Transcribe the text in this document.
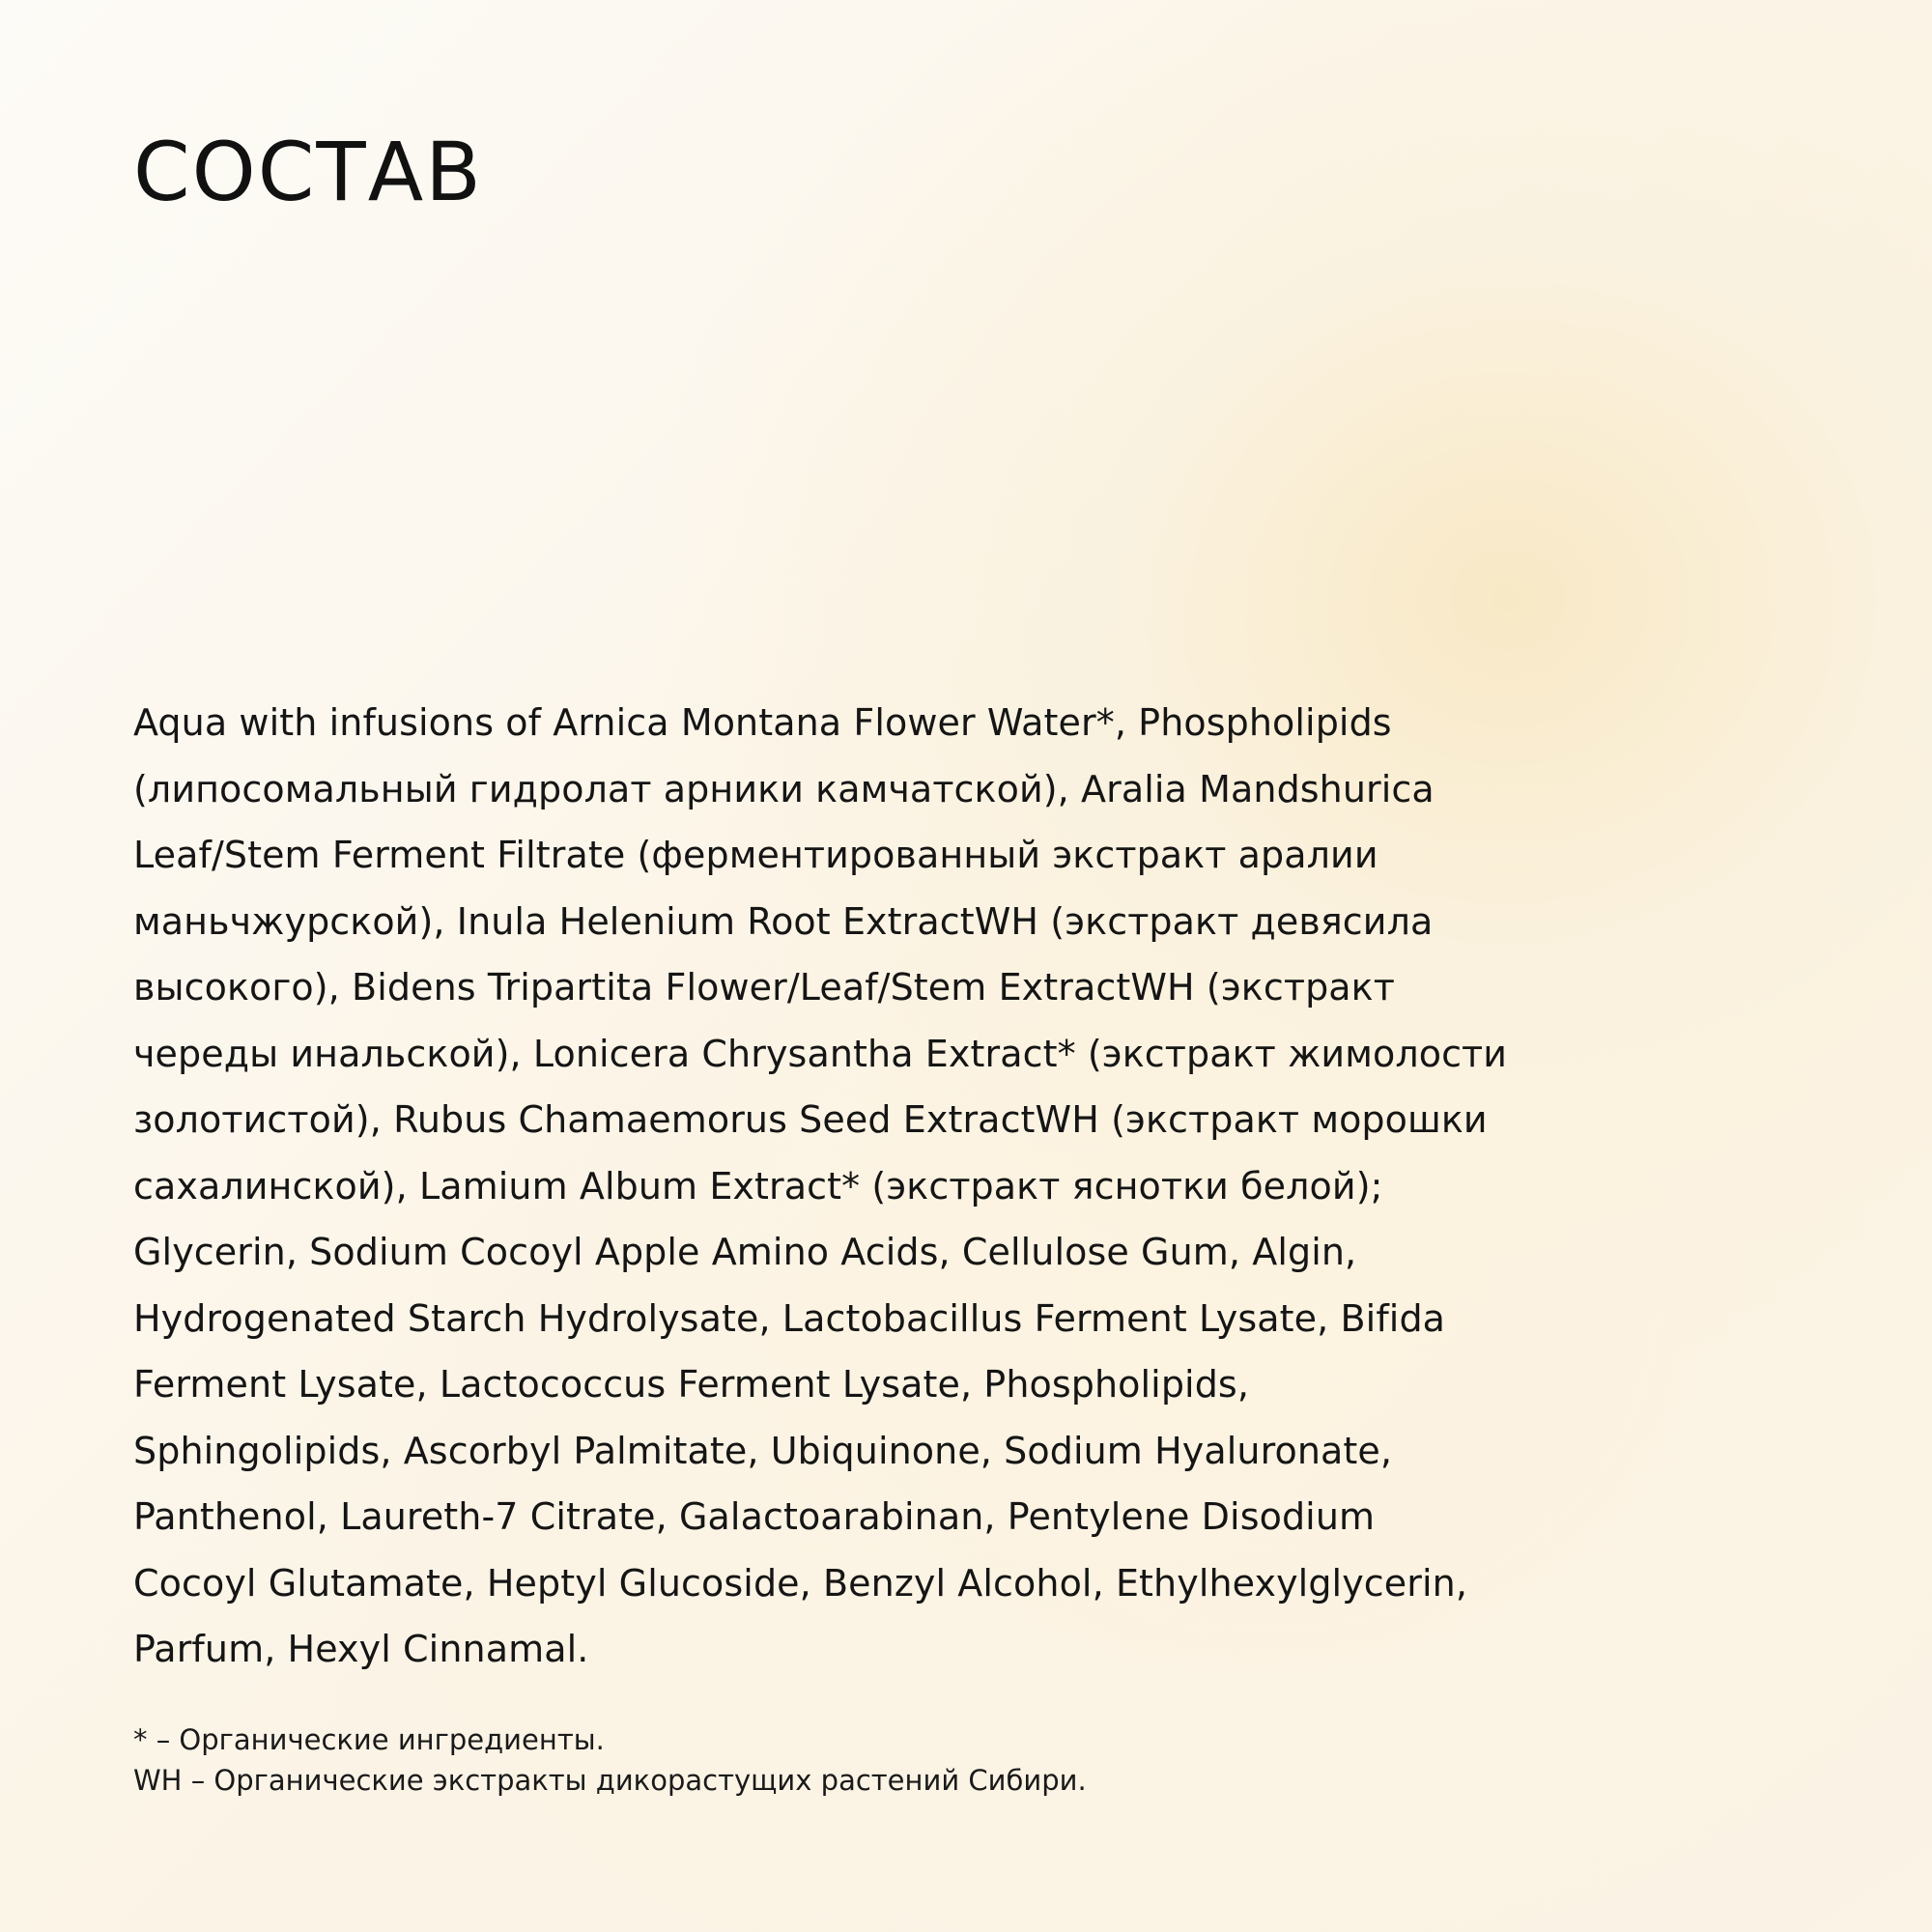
СОСТАВ

Aqua with infusions of Arnica Montana Flower Water*, Phospholipids
(липосомальный гидролат арники камчатской), Aralia Mandshurica
Leaf/Stem Ferment Filtrate (ферментированный экстракт аралии
маньчжурской), Inula Helenium Root ExtractWH (экстракт девясила
высокого), Bidens Tripartita Flower/Leaf/Stem ExtractWH (экстракт
череды инальской), Lonicera Chrysantha Extract* (экстракт жимолости
золотистой), Rubus Chamaemorus Seed ExtractWH (экстракт морошки
сахалинской), Lamium Album Extract* (экстракт яснотки белой);
Glycerin, Sodium Cocoyl Apple Amino Acids, Cellulose Gum, Algin,
Hydrogenated Starch Hydrolysate, Lactobacillus Ferment Lysate, Bifida
Ferment Lysate, Lactococcus Ferment Lysate, Phospholipids,
Sphingolipids, Ascorbyl Palmitate, Ubiquinone, Sodium Hyaluronate,
Panthenol, Laureth-7 Citrate, Galactoarabinan, Pentylene Disodium
Cocoyl Glutamate, Heptyl Glucoside, Benzyl Alcohol, Ethylhexylglycerin,
Parfum, Hexyl Cinnamal.

* – Органические ингредиенты.
WH – Органические экстракты дикорастущих растений Сибири.
